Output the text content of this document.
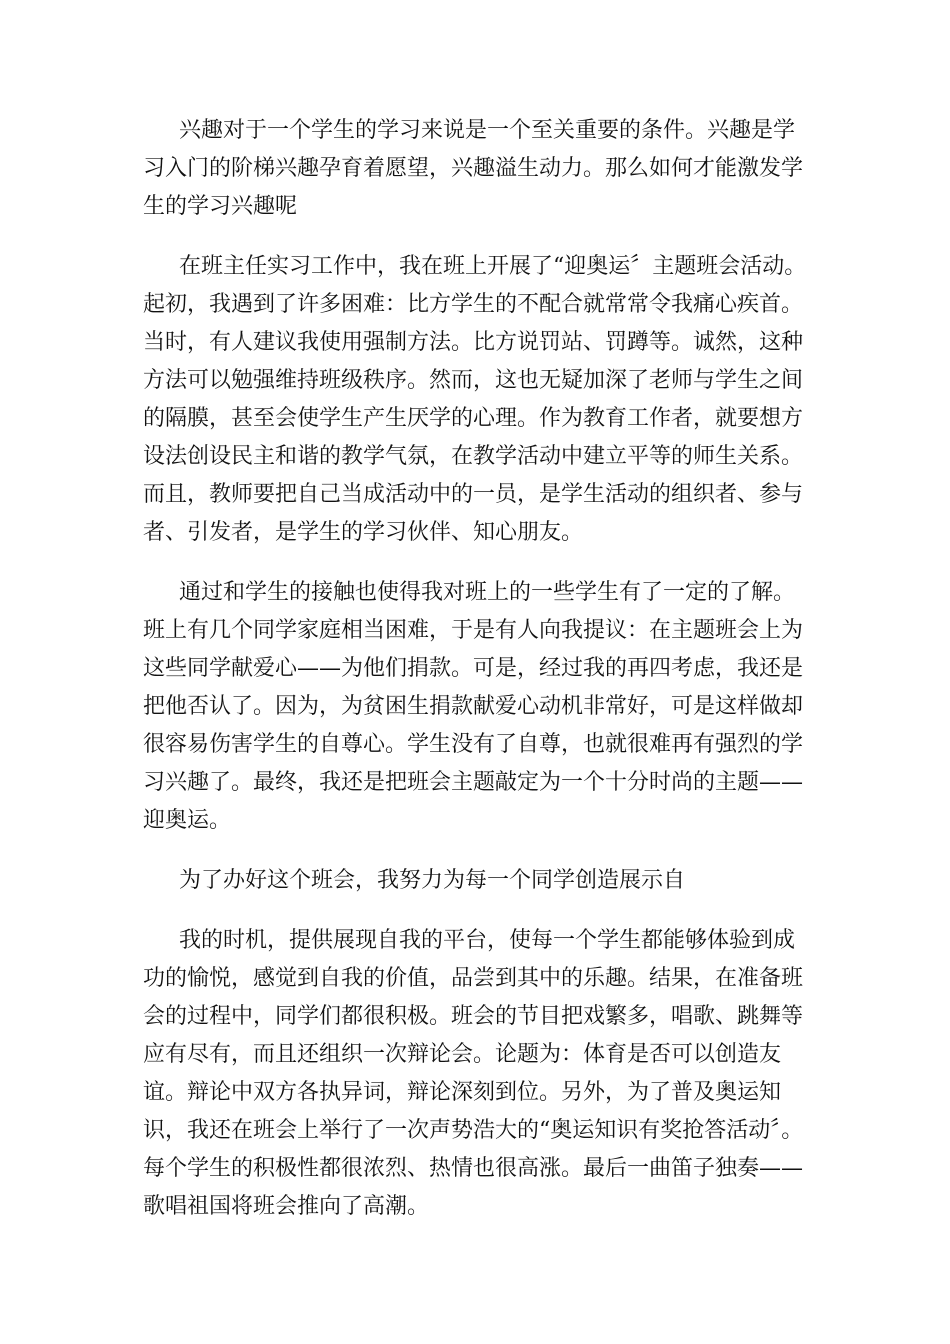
兴趣对于一个学生的学习来说是一个至关重要的条件。兴趣是学习入门的阶梯兴趣孕育着愿望，兴趣溢生动力。那么如何才能激发学生的学习兴趣呢

在班主任实习工作中，我在班上开展了“迎奥运〞主题班会活动。起初，我遇到了许多困难：比方学生的不配合就常常令我痛心疾首。当时，有人建议我使用强制方法。比方说罚站、罚蹲等。诚然，这种方法可以勉强维持班级秩序。然而，这也无疑加深了老师与学生之间的隔膜，甚至会使学生产生厌学的心理。作为教育工作者，就要想方设法创设民主和谐的教学气氛，在教学活动中建立平等的师生关系。而且，教师要把自己当成活动中的一员，是学生活动的组织者、参与者、引发者，是学生的学习伙伴、知心朋友。

通过和学生的接触也使得我对班上的一些学生有了一定的了解。班上有几个同学家庭相当困难，于是有人向我提议：在主题班会上为这些同学献爱心——为他们捐款。可是，经过我的再四考虑，我还是把他否认了。因为，为贫困生捐款献爱心动机非常好，可是这样做却很容易伤害学生的自尊心。学生没有了自尊，也就很难再有强烈的学习兴趣了。最终，我还是把班会主题敲定为一个十分时尚的主题——迎奥运。

为了办好这个班会，我努力为每一个同学创造展示自

我的时机，提供展现自我的平台，使每一个学生都能够体验到成功的愉悦，感觉到自我的价值，品尝到其中的乐趣。结果，在准备班会的过程中，同学们都很积极。班会的节目把戏繁多，唱歌、跳舞等应有尽有，而且还组织一次辩论会。论题为：体育是否可以创造友谊。辩论中双方各执异词，辩论深刻到位。另外，为了普及奥运知识，我还在班会上举行了一次声势浩大的“奥运知识有奖抢答活动〞。每个学生的积极性都很浓烈、热情也很高涨。最后一曲笛子独奏——歌唱祖国将班会推向了高潮。
